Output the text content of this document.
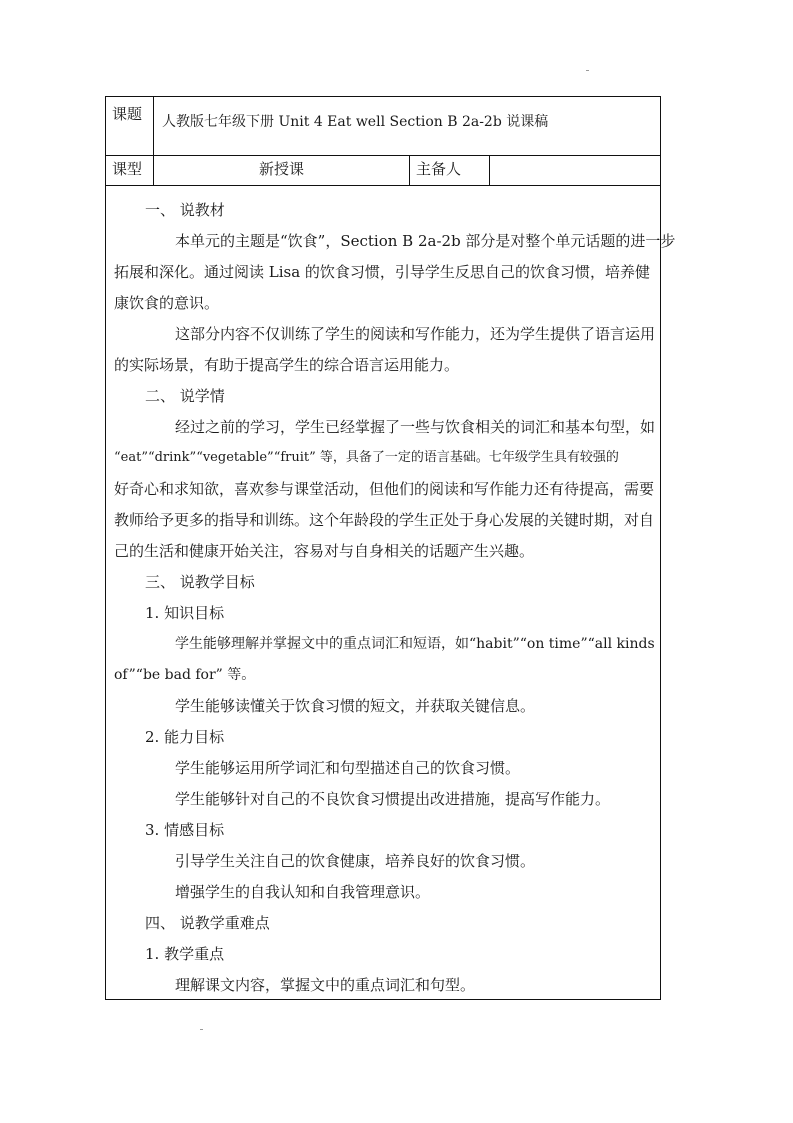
课题 人教版七年级下册 Unit 4 Eat well Section B 2a-2b 说课稿
课型	新授课	主备人
一、 说教材
本单元的主题是“饮食”，Section B 2a-2b 部分是对整个单元话题的进一步
拓展和深化。通过阅读 Lisa 的饮食习惯，引导学生反思自己的饮食习惯，培养健
康饮食的意识。
这部分内容不仅训练了学生的阅读和写作能力，还为学生提供了语言运用
的实际场景，有助于提高学生的综合语言运用能力。
二、 说学情
经过之前的学习，学生已经掌握了一些与饮食相关的词汇和基本句型，如
“eat”“drink”“vegetable”“fruit” 等，具备了一定的语言基础。七年级学生具有较强的
好奇心和求知欲，喜欢参与课堂活动，但他们的阅读和写作能力还有待提高，需要
教师给予更多的指导和训练。这个年龄段的学生正处于身心发展的关键时期，对自
己的生活和健康开始关注，容易对与自身相关的话题产生兴趣。
三、 说教学目标
1. 知识目标
学生能够理解并掌握文中的重点词汇和短语，如“habit”“on time”“all kinds
of”“be bad for” 等。
学生能够读懂关于饮食习惯的短文，并获取关键信息。
2. 能力目标
学生能够运用所学词汇和句型描述自己的饮食习惯。
学生能够针对自己的不良饮食习惯提出改进措施，提高写作能力。
3. 情感目标
引导学生关注自己的饮食健康，培养良好的饮食习惯。
增强学生的自我认知和自我管理意识。
四、 说教学重难点
1. 教学重点
理解课文内容，掌握文中的重点词汇和句型。
